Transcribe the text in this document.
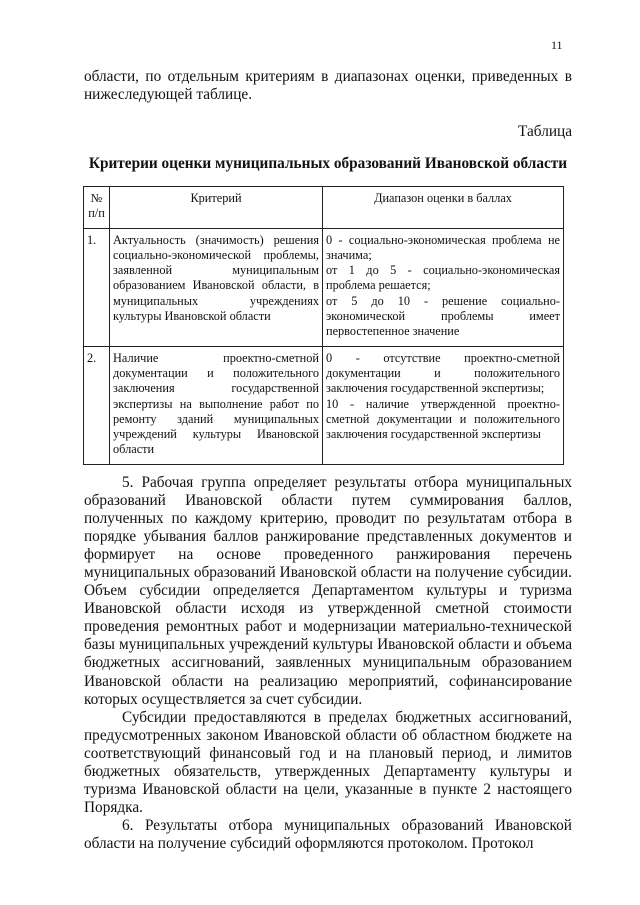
11

области, по отдельным критериям в диапазонах оценки, приведенных в нижеследующей таблице.

Таблица
Критерии оценки муниципальных образований Ивановской области
№ п/п	Критерий	Диапазон оценки в баллах
1.	Актуальность (значимость) решения социально-экономической проблемы, заявленной муниципальным образованием Ивановской области, в муниципальных учреждениях культуры Ивановской области	0 - социально-экономическая проблема не значима;
от 1 до 5 - социально-экономическая проблема решается;
от 5 до 10 - решение социально-экономической проблемы имеет первостепенное значение

2.	Наличие проектно-сметной документации и положительного заключения государственной экспертизы на выполнение работ по ремонту зданий муниципальных учреждений культуры Ивановской области	0 - отсутствие проектно-сметной документации и положительного заключения государственной экспертизы;
10 - наличие утвержденной проектно-сметной документации и положительного заключения государственной экспертизы

5. Рабочая группа определяет результаты отбора муниципальных образований Ивановской области путем суммирования баллов, полученных по каждому критерию, проводит по результатам отбора в порядке убывания баллов ранжирование представленных документов и формирует на основе проведенного ранжирования перечень муниципальных образований Ивановской области на получение субсидии. Объем субсидии определяется Департаментом культуры и туризма Ивановской области исходя из утвержденной сметной стоимости проведения ремонтных работ и модернизации материально-технической базы муниципальных учреждений культуры Ивановской области и объема бюджетных ассигнований, заявленных муниципальным образованием Ивановской области на реализацию мероприятий, софинансирование которых осуществляется за счет субсидии.

Субсидии предоставляются в пределах бюджетных ассигнований, предусмотренных законом Ивановской области об областном бюджете на соответствующий финансовый год и на плановый период, и лимитов бюджетных обязательств, утвержденных Департаменту культуры и туризма Ивановской области на цели, указанные в пункте 2 настоящего Порядка.

6. Результаты отбора муниципальных образований Ивановской области на получение субсидий оформляются протоколом. Протокол
